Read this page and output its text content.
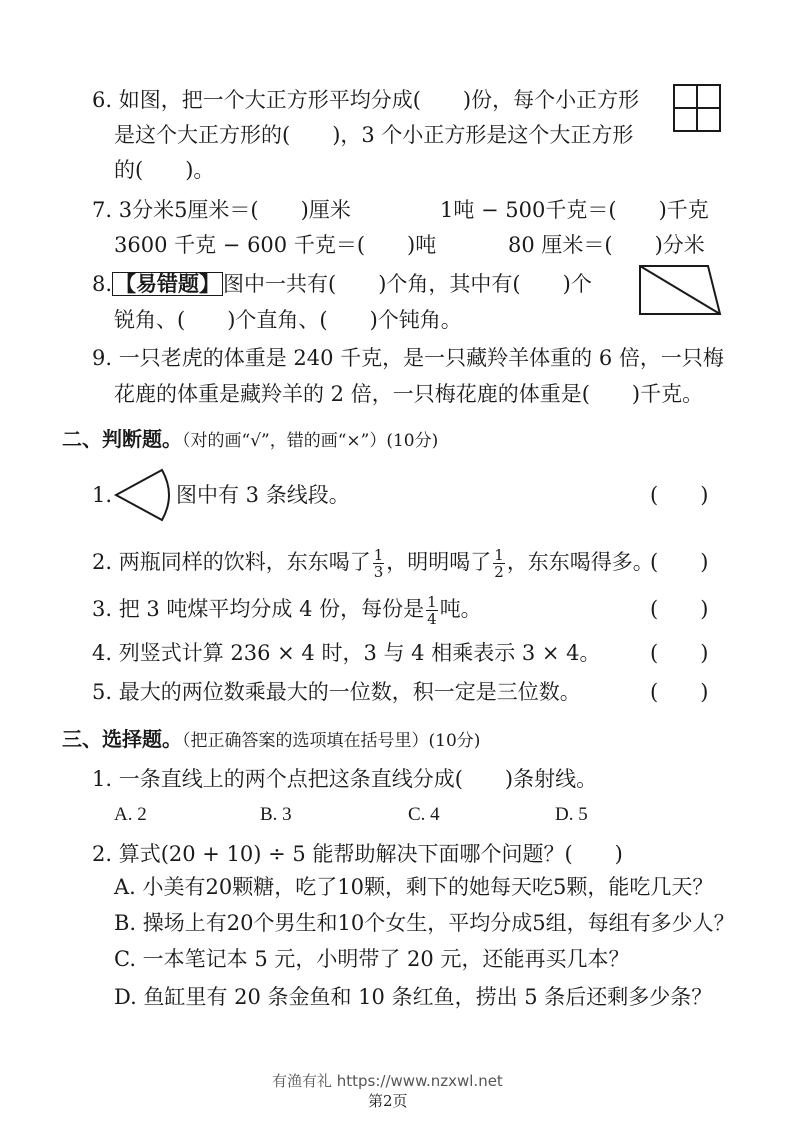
6. 如图，把一个大正方形平均分成(　　)份，每个小正方形
是这个大正方形的(　　)，3 个小正方形是这个大正方形
的(　　)。
7. 3分米5厘米＝(　　)厘米	1吨 − 500千克＝(　　)千克
3600 千克 − 600 千克＝(　　)吨	80 厘米＝(　　)分米
8. 【易错题】 图中一共有(　　)个角，其中有(　　)个
锐角、(　　)个直角、(　　)个钝角。
9. 一只老虎的体重是 240 千克，是一只藏羚羊体重的 6 倍，一只梅
花鹿的体重是藏羚羊的 2 倍，一只梅花鹿的体重是(　　)千克。
二、判断题。（对的画“√”，错的画“×”）(10分)
1.	图中有 3 条线段。	(　　)
2. 两瓶同样的饮料，东东喝了 $\frac{1}{3}$ ，明明喝了 $\frac{1}{2}$ ，东东喝得多。
(　　)
3. 把 3 吨煤平均分成 4 份，每份是 $\frac{1}{4}$ 吨。	(　　)
4. 列竖式计算 236 × 4 时，3 与 4 相乘表示 3 × 4。 (　　)
5. 最大的两位数乘最大的一位数，积一定是三位数。	(　　)
三、选择题。（把正确答案的选项填在括号里）(10分)
1. 一条直线上的两个点把这条直线分成(　　)条射线。
A. 2	B. 3	C. 4	D. 5
2. 算式(20 + 10) ÷ 5 能帮助解决下面哪个问题？(　　)
A. 小美有20颗糖，吃了10颗，剩下的她每天吃5颗，能吃几天？
B. 操场上有20个男生和10个女生，平均分成5组，每组有多少人？
C. 一本笔记本 5 元，小明带了 20 元，还能再买几本？
D. 鱼缸里有 20 条金鱼和 10 条红鱼，捞出 5 条后还剩多少条？
有渔有礼 https://www.nzxwl.net
第2页
